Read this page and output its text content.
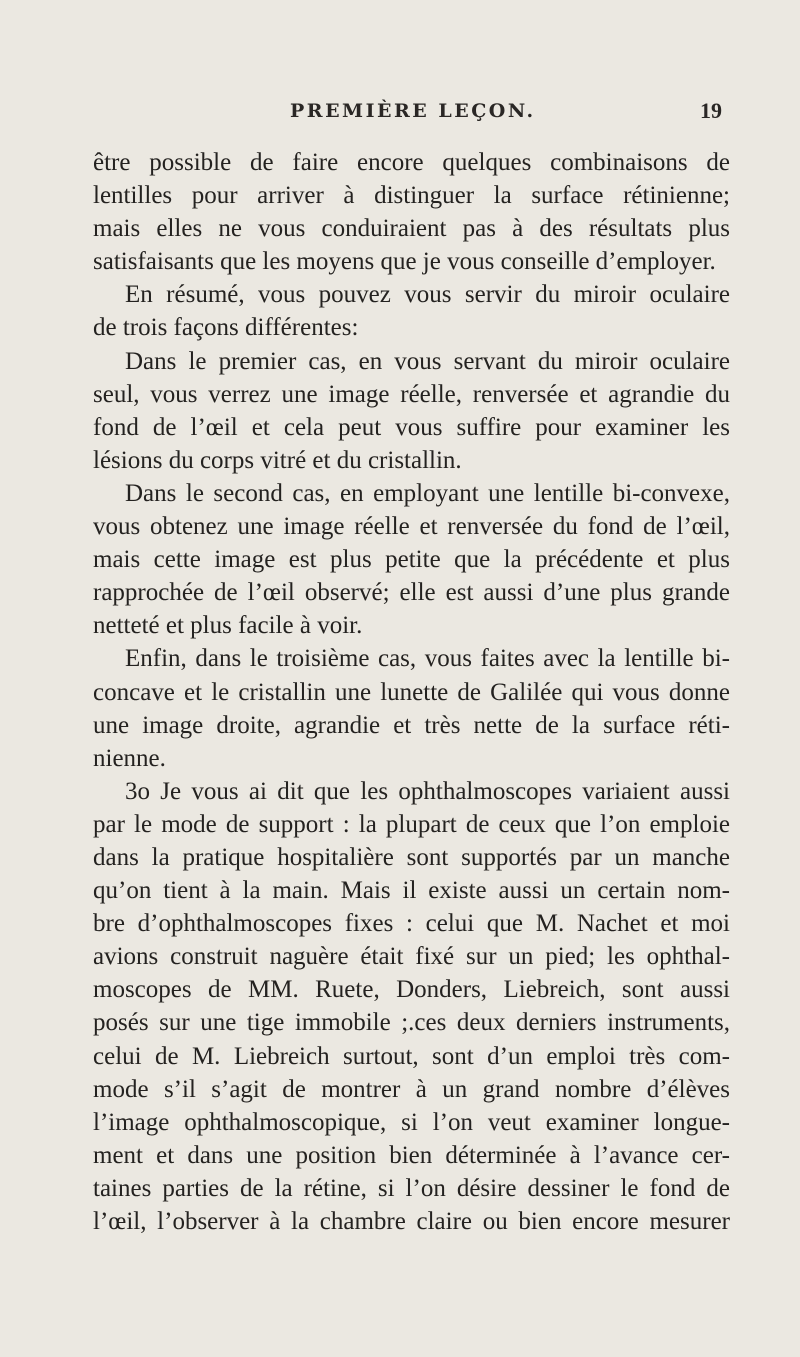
PREMIÈRE LEÇON.	19
être possible de faire encore quelques combinaisons de
lentilles pour arriver à distinguer la surface rétinienne;
mais elles ne vous conduiraient pas à des résultats plus
satisfaisants que les moyens que je vous conseille d’employer.
En résumé, vous pouvez vous servir du miroir oculaire
de trois façons différentes:
Dans le premier cas, en vous servant du miroir oculaire
seul, vous verrez une image réelle, renversée et agrandie du
fond de l’œil et cela peut vous suffire pour examiner les
lésions du corps vitré et du cristallin.
Dans le second cas, en employant une lentille bi-convexe,
vous obtenez une image réelle et renversée du fond de l’œil,
mais cette image est plus petite que la précédente et plus
rapprochée de l’œil observé; elle est aussi d’une plus grande
netteté et plus facile à voir.
Enfin, dans le troisième cas, vous faites avec la lentille bi-
concave et le cristallin une lunette de Galilée qui vous donne
une image droite, agrandie et très nette de la surface réti-
nienne.
3o Je vous ai dit que les ophthalmoscopes variaient aussi
par le mode de support : la plupart de ceux que l’on emploie
dans la pratique hospitalière sont supportés par un manche
qu’on tient à la main. Mais il existe aussi un certain nom-
bre d’ophthalmoscopes fixes : celui que M. Nachet et moi
avions construit naguère était fixé sur un pied; les ophthal-
moscopes de MM. Ruete, Donders, Liebreich, sont aussi
posés sur une tige immobile ;.ces deux derniers instruments,
celui de M. Liebreich surtout, sont d’un emploi très com-
mode s’il s’agit de montrer à un grand nombre d’élèves
l’image ophthalmoscopique, si l’on veut examiner longue-
ment et dans une position bien déterminée à l’avance cer-
taines parties de la rétine, si l’on désire dessiner le fond de
l’œil, l’observer à la chambre claire ou bien encore mesurer
